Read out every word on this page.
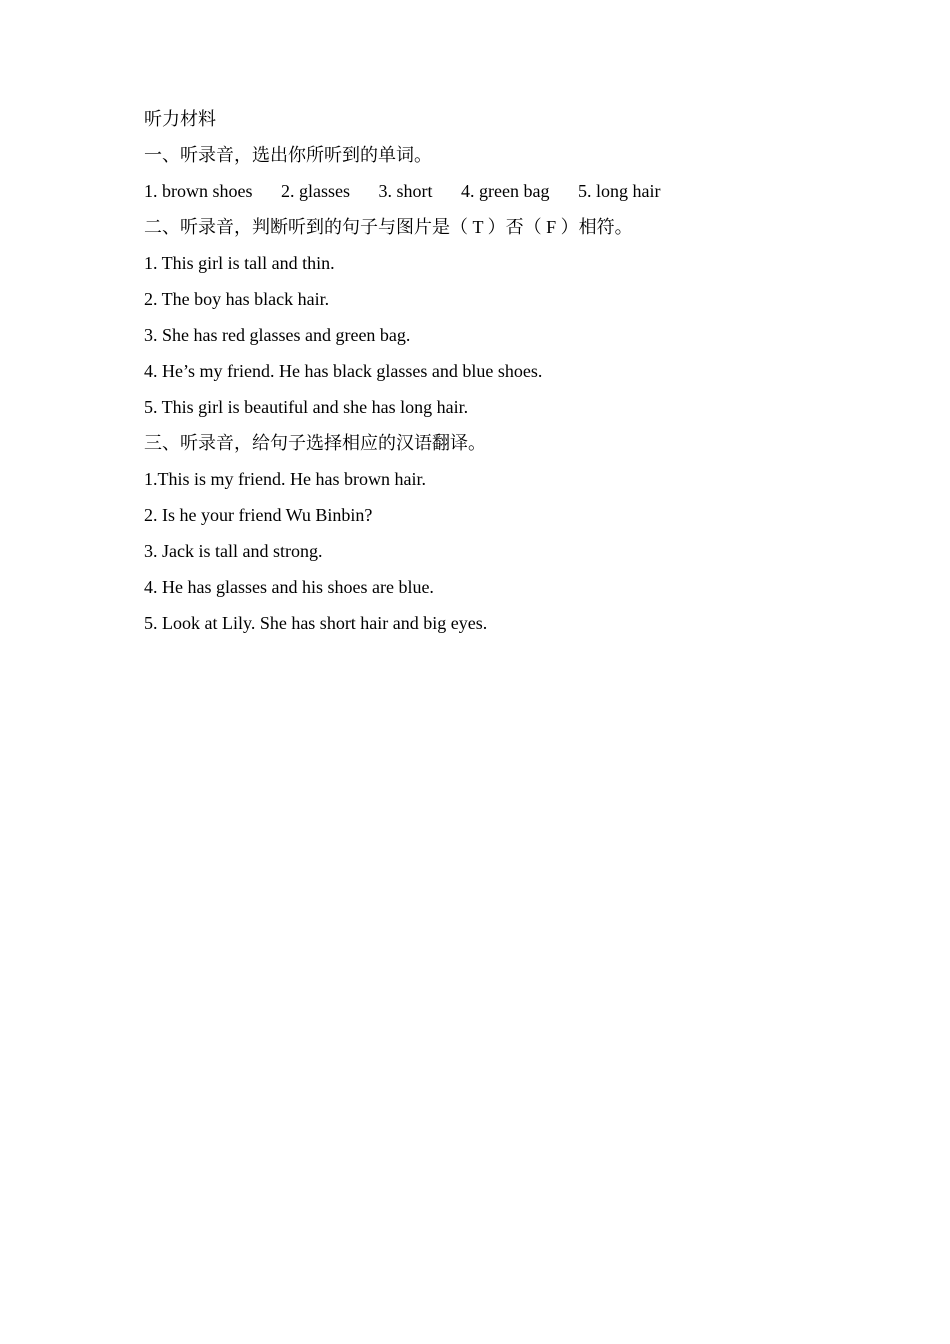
听力材料
一、听录音，选出你所听到的单词。
1. brown shoes 2. glasses 3. short 4. green bag 5. long hair
二、听录音，判断听到的句子与图片是（ T ）否（ F ）相符。
1. This girl is tall and thin.
2. The boy has black hair.
3. She has red glasses and green bag.
4. He’s my friend. He has black glasses and blue shoes.
5. This girl is beautiful and she has long hair.
三、听录音，给句子选择相应的汉语翻译。
1.This is my friend. He has brown hair.
2. Is he your friend Wu Binbin?
3. Jack is tall and strong.
4. He has glasses and his shoes are blue.
5. Look at Lily. She has short hair and big eyes.
